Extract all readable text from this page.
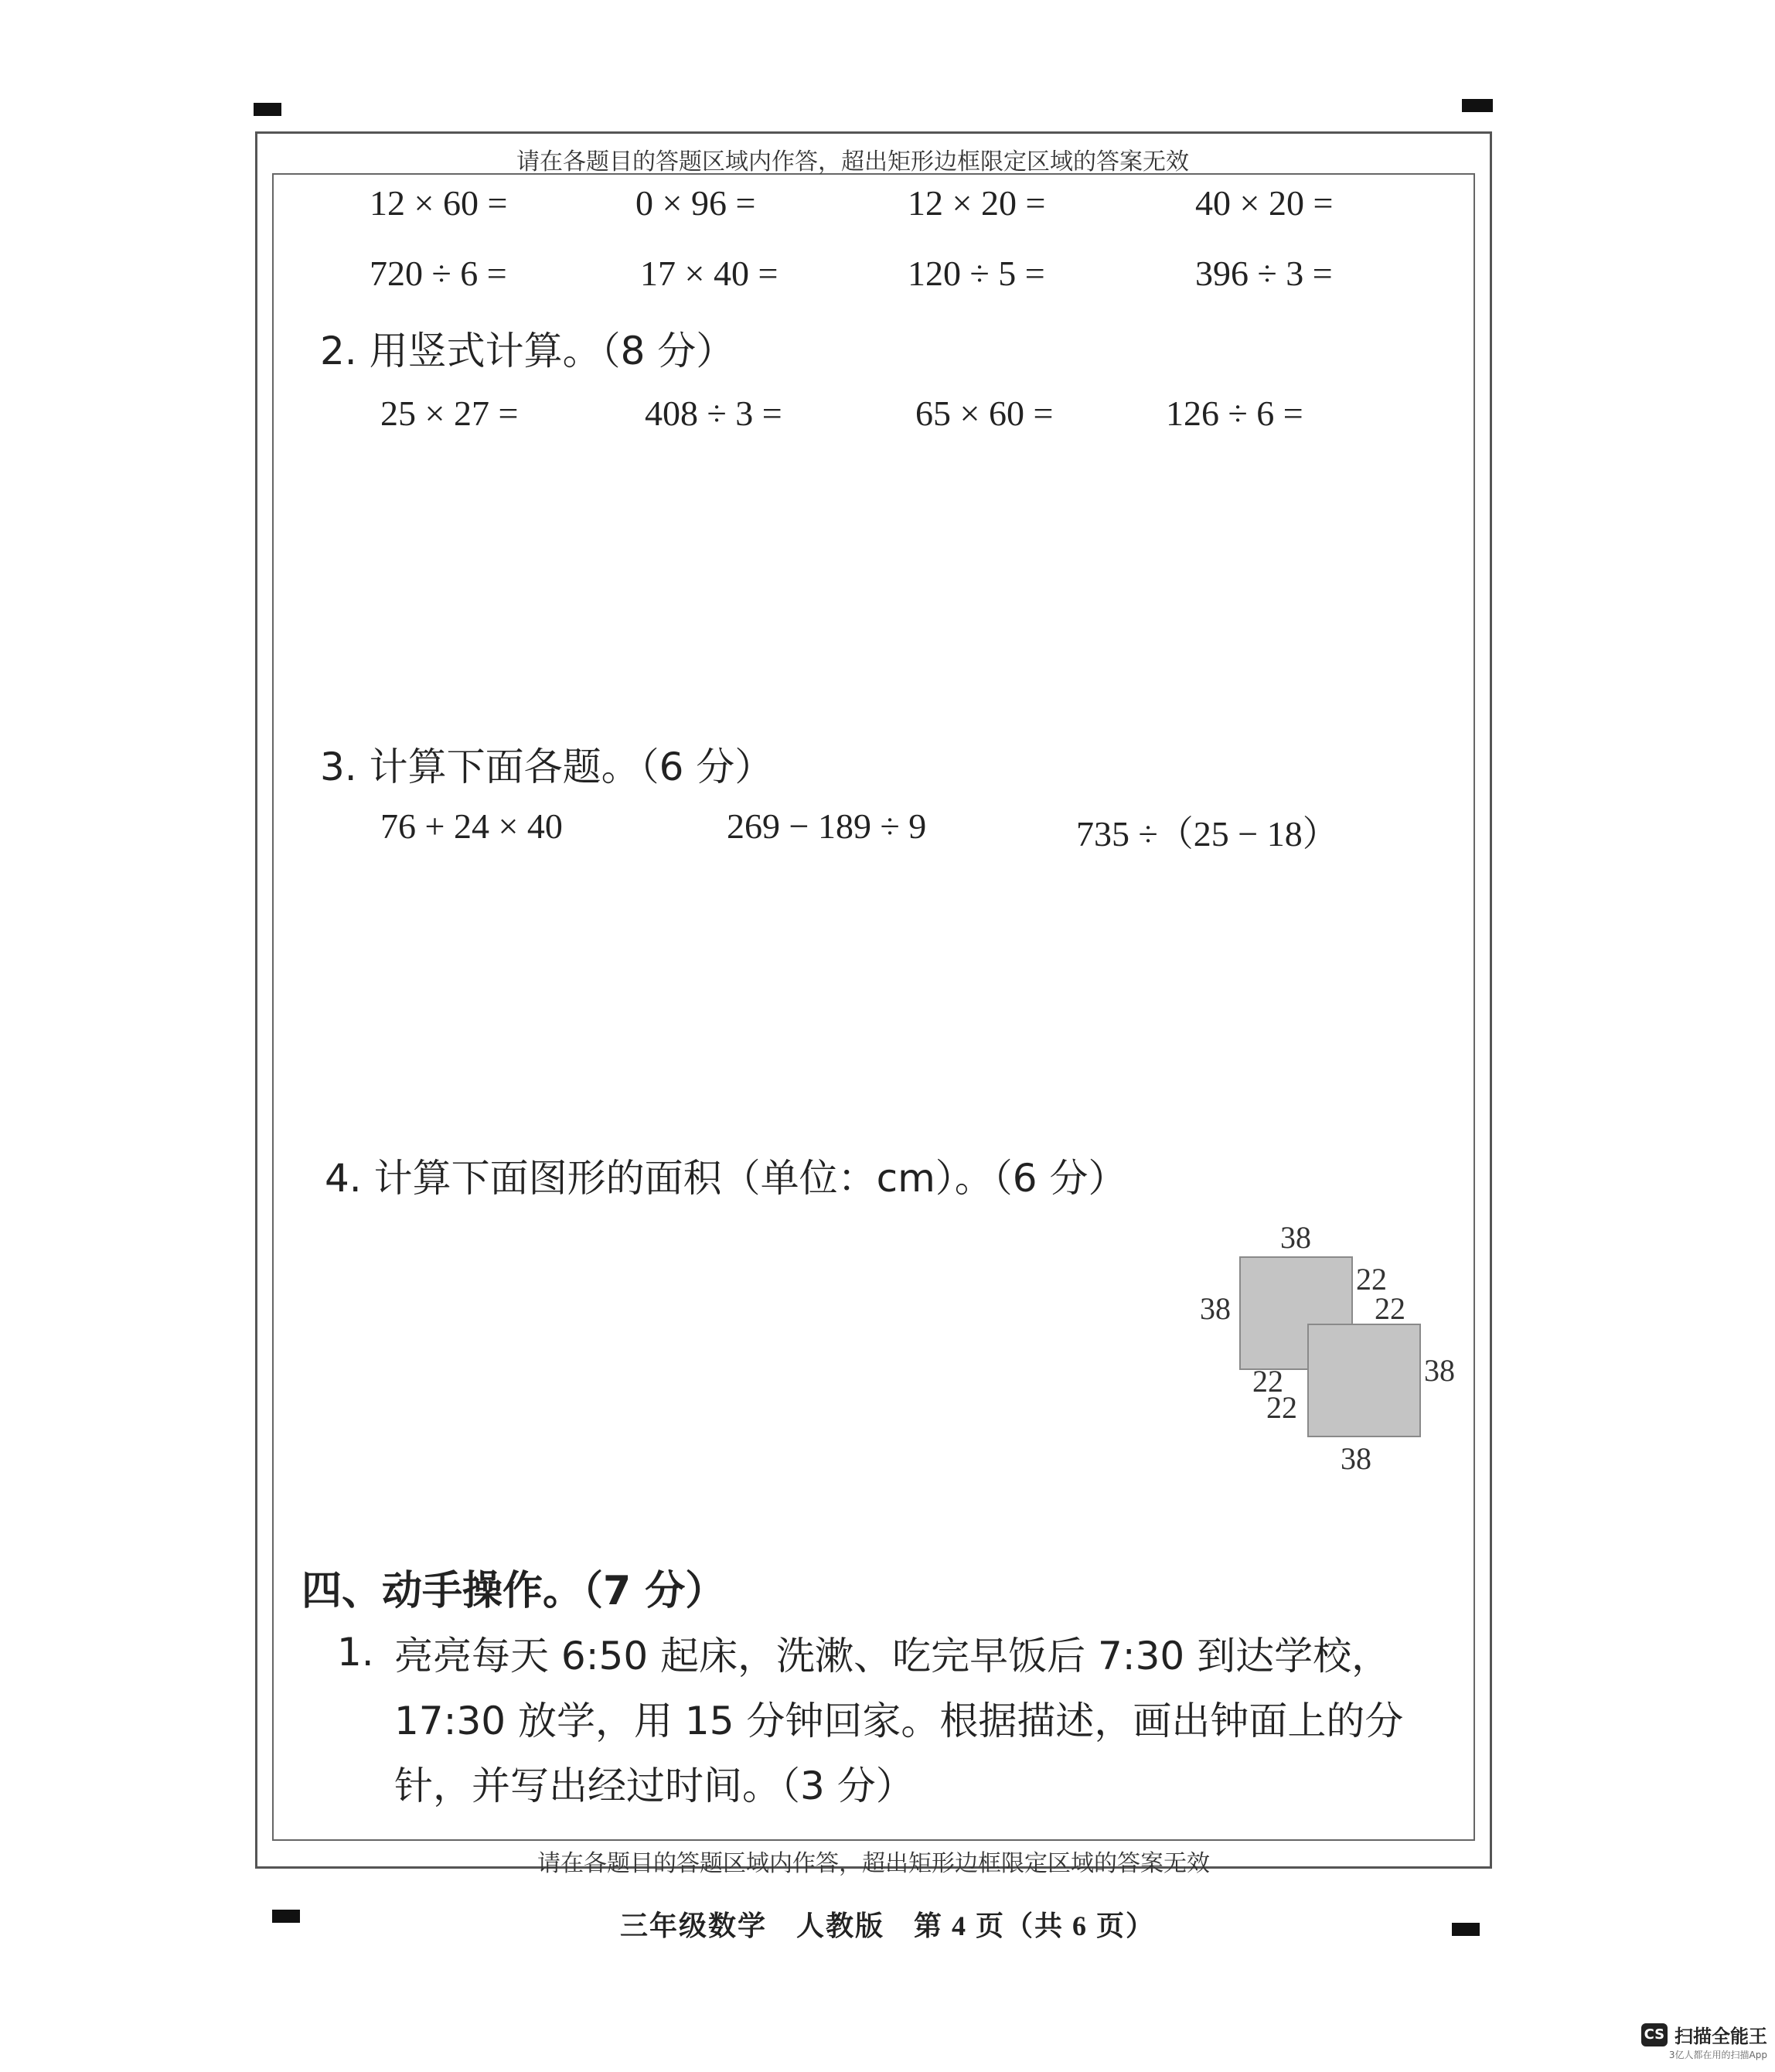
请在各题目的答题区域内作答，超出矩形边框限定区域的答案无效
请在各题目的答题区域内作答，超出矩形边框限定区域的答案无效
12 × 60 =	0 × 96 =	12 × 20 =	40 × 20 =
720 ÷ 6 =	17 × 40 =	120 ÷ 5 =	396 ÷ 3 =
2. 用竖式计算。（8 分）
25 × 27 =	408 ÷ 3 =	65 × 60 =	126 ÷ 6 =
3. 计算下面各题。（6 分）
76 + 24 × 40	269 − 189 ÷ 9	735 ÷（25 − 18）
4. 计算下面图形的面积（单位：cm）。（6 分）
38
38
22
22
38
22
22
38
四、动手操作。（7 分）
1. 亮亮每天 6:50 起床，洗漱、吃完早饭后 7:30 到达学校，17:30 放学，用 15 分钟回家。根据描述，画出钟面上的分针，并写出经过时间。（3 分）
三年级数学　人教版　第 4 页（共 6 页）
CS 扫描全能王
3亿人都在用的扫描App
